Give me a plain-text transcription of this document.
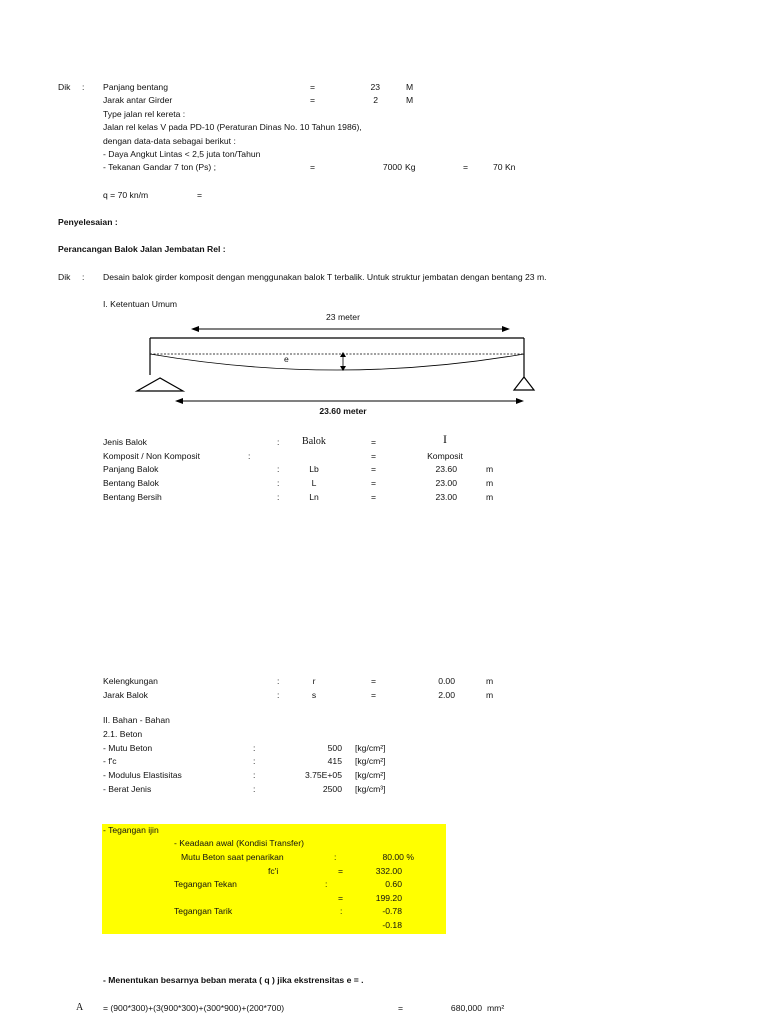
Dik : Panjang bentang	=	23	M
Jarak antar Girder	=	2	M
Type jalan rel kereta :
Jalan rel kelas V pada PD-10 (Peraturan Dinas No. 10 Tahun 1986),
dengan data-data sebagai berikut :
- Daya Angkut Lintas < 2,5 juta ton/Tahun
- Tekanan Gandar 7 ton (Ps) ;	=	7000 Kg	=	70 Kn
q = 70 kn/m	=
Penyelesaian :
Perancangan Balok Jalan Jembatan Rel :
Dik : Desain balok girder komposit dengan menggunakan balok T terbalik. Untuk struktur jembatan dengan bentang 23 m.
I. Ketentuan Umum
23 meter
e
23.60 meter
Jenis Balok	:	Balok	=	I
Komposit / Non Komposit	:	=	Komposit
Panjang Balok	:	Lb	=	23.60	m
Bentang Balok	:	L	=	23.00	m
Bentang Bersih	:	Ln	=	23.00	m
Kelengkungan	:	r	=	0.00	m
Jarak Balok	:	s	=	2.00	m
II. Bahan - Bahan
2.1. Beton
- Mutu Beton	:	500 [kg/cm²]
- f'c	:	415 [kg/cm²]
- Modulus Elastisitas	:	3.75E+05 [kg/cm²]
- Berat Jenis	:	2500 [kg/cm³]
- Tegangan ijin
- Keadaan awal (Kondisi Transfer)
Mutu Beton saat penarikan	:	80.00 %
fc'i	=	332.00
Tegangan Tekan	:	0.60
=	199.20
Tegangan Tarik	:	-0.78
-0.18
- Menentukan besarnya beban merata ( q ) jika ekstrensitas e = .
A = (900*300)+(3(900*300)+(300*900)+(200*700)	=	680,000 mm²
